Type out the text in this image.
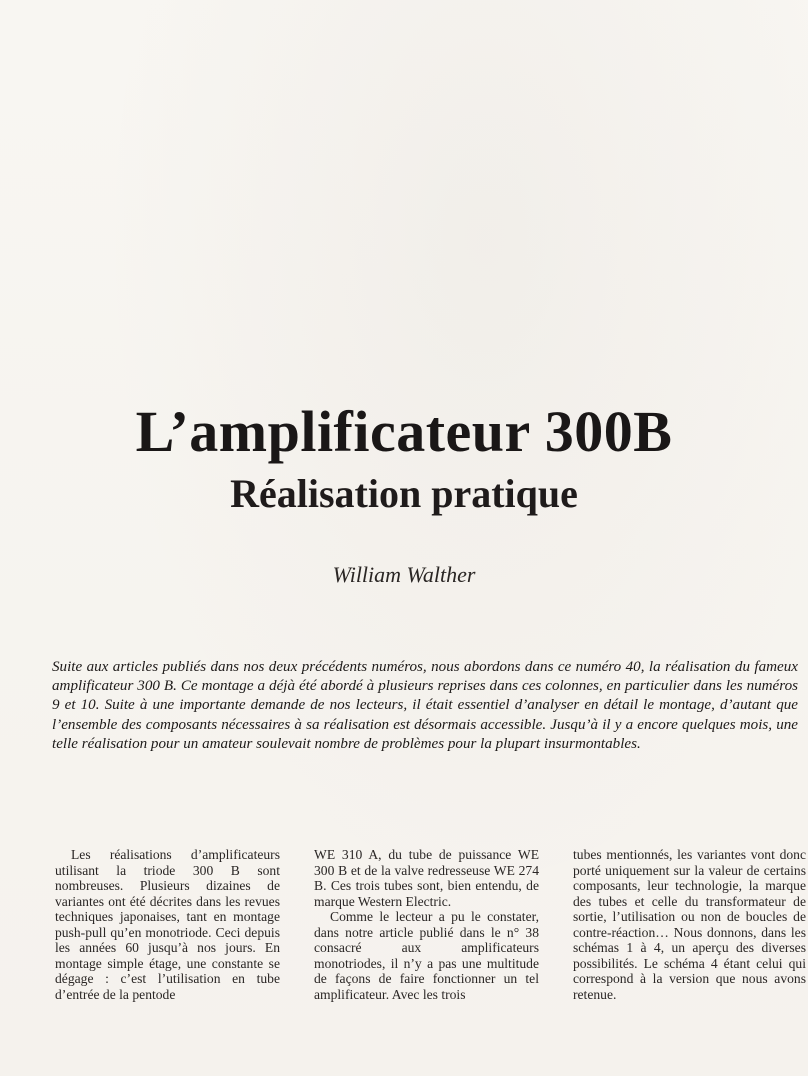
L’amplificateur 300B
Réalisation pratique

William Walther

Suite aux articles publiés dans nos deux précédents numéros, nous abordons dans ce numéro 40, la réalisation du fameux amplificateur 300 B. Ce montage a déjà été abordé à plusieurs reprises dans ces colonnes, en particulier dans les numéros 9 et 10. Suite à une importante demande de nos lecteurs, il était essentiel d’analyser en détail le montage, d’autant que l’ensemble des composants nécessaires à sa réalisation est désormais accessible. Jusqu’à il y a encore quelques mois, une telle réalisation pour un amateur soulevait nombre de problèmes pour la plupart insurmontables.

Les réalisations d’amplificateurs utilisant la triode 300 B sont nombreuses. Plusieurs dizaines de variantes ont été décrites dans les revues techniques japonaises, tant en montage push-pull qu’en monotriode. Ceci depuis les années 60 jusqu’à nos jours. En montage simple étage, une constante se dégage : c’est l’utilisation en tube d’entrée de la pentode

WE 310 A, du tube de puissance WE 300 B et de la valve redresseuse WE 274 B. Ces trois tubes sont, bien entendu, de marque Western Electric.

Comme le lecteur a pu le constater, dans notre article publié dans le n° 38 consacré aux amplificateurs monotriodes, il n’y a pas une multitude de façons de faire fonctionner un tel amplificateur. Avec les trois

tubes mentionnés, les variantes vont donc porté uniquement sur la valeur de certains composants, leur technologie, la marque des tubes et celle du transformateur de sortie, l’utilisation ou non de boucles de contre-réaction… Nous donnons, dans les schémas 1 à 4, un aperçu des diverses possibilités. Le schéma 4 étant celui qui correspond à la version que nous avons retenue.
